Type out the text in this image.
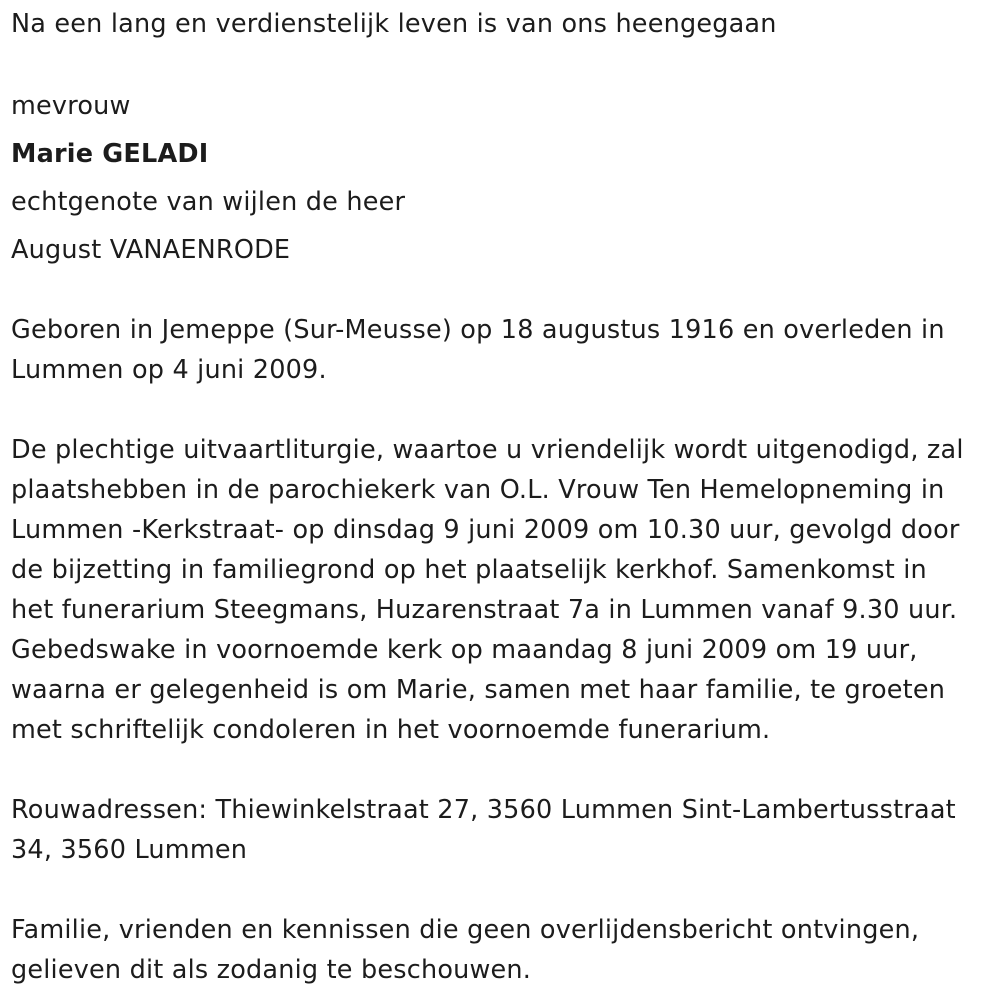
Na een lang en verdienstelijk leven is van ons heengegaan
mevrouw
Marie GELADI
echtgenote van wijlen de heer
August VANAENRODE
Geboren in Jemeppe (Sur-Meusse) op 18 augustus 1916 en overleden in
Lummen op 4 juni 2009.
De plechtige uitvaartliturgie, waartoe u vriendelijk wordt uitgenodigd, zal
plaatshebben in de parochiekerk van O.L. Vrouw Ten Hemelopneming in
Lummen -Kerkstraat- op dinsdag 9 juni 2009 om 10.30 uur, gevolgd door
de bijzetting in familiegrond op het plaatselijk kerkhof. Samenkomst in
het funerarium Steegmans, Huzarenstraat 7a in Lummen vanaf 9.30 uur.
Gebedswake in voornoemde kerk op maandag 8 juni 2009 om 19 uur,
waarna er gelegenheid is om Marie, samen met haar familie, te groeten
met schriftelijk condoleren in het voornoemde funerarium.
Rouwadressen: Thiewinkelstraat 27, 3560 Lummen Sint-Lambertusstraat
34, 3560 Lummen
Familie, vrienden en kennissen die geen overlijdensbericht ontvingen,
gelieven dit als zodanig te beschouwen.
